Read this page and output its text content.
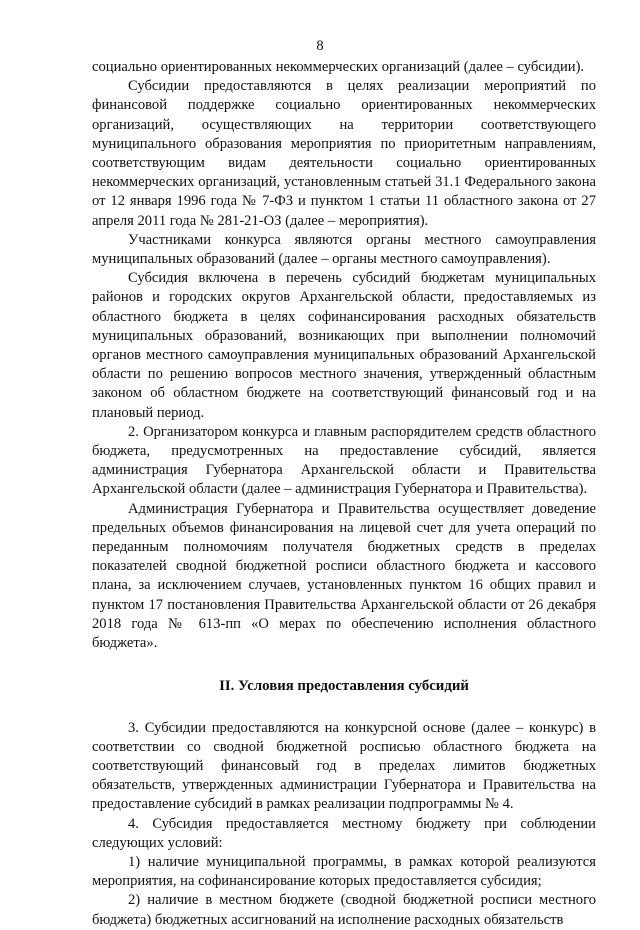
8

социально ориентированных некоммерческих организаций (далее – субсидии).

Субсидии предоставляются в целях реализации мероприятий по финансовой поддержке социально ориентированных некоммерческих организаций, осуществляющих на территории соответствующего муниципального образования мероприятия по приоритетным направлениям, соответствующим видам деятельности социально ориентированных некоммерческих организаций, установленным статьей 31.1 Федерального закона от 12 января 1996 года № 7-ФЗ и пунктом 1 статьи 11 областного закона от 27 апреля 2011 года № 281-21-ОЗ (далее – мероприятия).

Участниками конкурса являются органы местного самоуправления муниципальных образований (далее – органы местного самоуправления).

Субсидия включена в перечень субсидий бюджетам муниципальных районов и городских округов Архангельской области, предоставляемых из областного бюджета в целях софинансирования расходных обязательств муниципальных образований, возникающих при выполнении полномочий органов местного самоуправления муниципальных образований Архангельской области по решению вопросов местного значения, утвержденный областным законом об областном бюджете на соответствующий финансовый год и на плановый период.

2. Организатором конкурса и главным распорядителем средств областного бюджета, предусмотренных на предоставление субсидий, является администрация Губернатора Архангельской области и Правительства Архангельской области (далее – администрация Губернатора и Правительства).

Администрация Губернатора и Правительства осуществляет доведение предельных объемов финансирования на лицевой счет для учета операций по переданным полномочиям получателя бюджетных средств в пределах показателей сводной бюджетной росписи областного бюджета и кассового плана, за исключением случаев, установленных пунктом 16 общих правил и пунктом 17 постановления Правительства Архангельской области от 26 декабря 2018 года № 613-пп «О мерах по обеспечению исполнения областного бюджета».

II. Условия предоставления субсидий

3. Субсидии предоставляются на конкурсной основе (далее – конкурс) в соответствии со сводной бюджетной росписью областного бюджета на соответствующий финансовый год в пределах лимитов бюджетных обязательств, утвержденных администрации Губернатора и Правительства на предоставление субсидий в рамках реализации подпрограммы № 4.

4. Субсидия предоставляется местному бюджету при соблюдении следующих условий:

1) наличие муниципальной программы, в рамках которой реализуются мероприятия, на софинансирование которых предоставляется субсидия;

2) наличие в местном бюджете (сводной бюджетной росписи местного бюджета) бюджетных ассигнований на исполнение расходных обязательств
